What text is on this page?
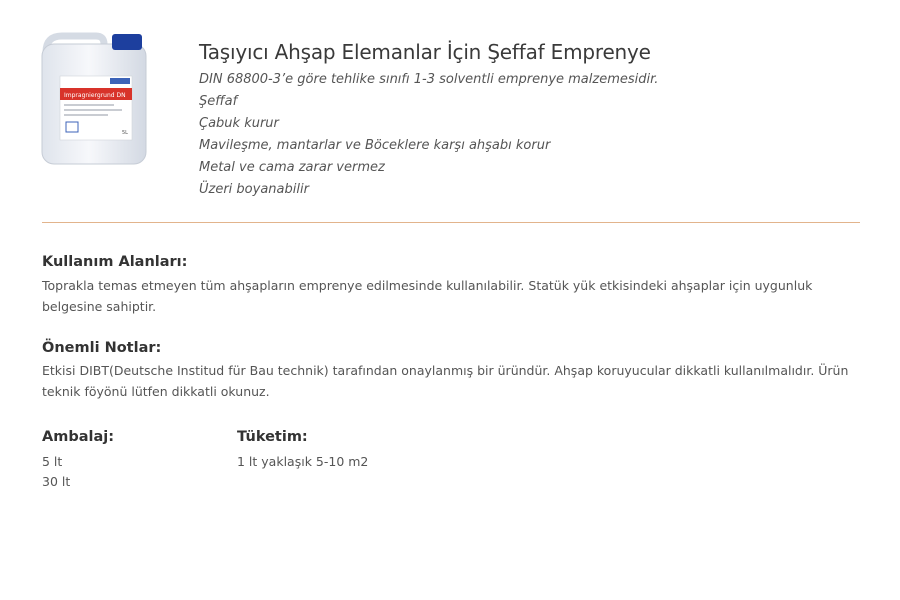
Impragniergrund DN
5L
Taşıyıcı Ahşap Elemanlar İçin Şeffaf Emprenye
DIN 68800-3’e göre tehlike sınıfı 1-3 solventli emprenye malzemesidir.
Şeffaf
Çabuk kurur
Mavileşme, mantarlar ve Böceklere karşı ahşabı korur
Metal ve cama zarar vermez
Üzeri boyanabilir
Kullanım Alanları:

Toprakla temas etmeyen tüm ahşapların emprenye edilmesinde kullanılabilir. Statük yük etkisindeki ahşaplar için uygunluk belgesine sahiptir.

Önemli Notlar:

Etkisi DIBT(Deutsche Institud für Bau technik) tarafından onaylanmış bir üründür. Ahşap koruyucular dikkatli kullanılmalıdır. Ürün teknik föyönü lütfen dikkatli okunuz.

Ambalaj:
5 lt
30 lt
Tüketim:
1 lt yaklaşık 5-10 m2
